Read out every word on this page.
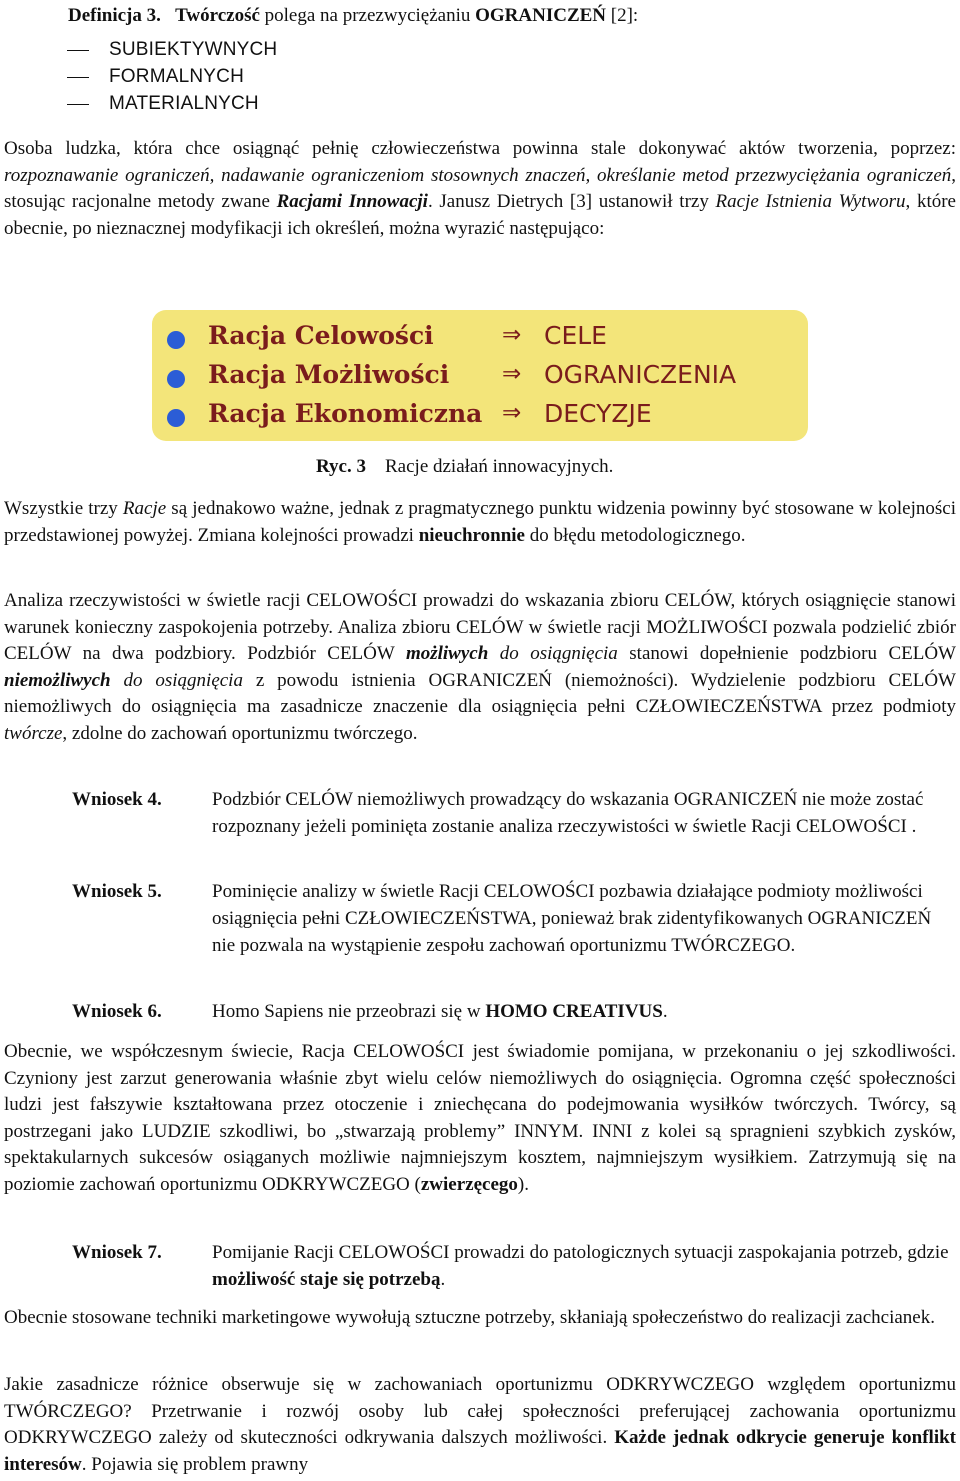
Definicja 3. Twórczość polega na przezwyciężaniu OGRANICZEŃ [2]:

SUBIEKTYWNYCH
FORMALNYCH
MATERIALNYCH

Osoba ludzka, która chce osiągnąć pełnię człowieczeństwa powinna stale dokonywać aktów tworzenia, poprzez: rozpoznawanie ograniczeń, nadawanie ograniczeniom stosownych znaczeń, określanie metod przezwyciężania ograniczeń, stosując racjonalne metody zwane Racjami Innowacji. Janusz Dietrych [3] ustanowił trzy Racje Istnienia Wytworu, które obecnie, po nieznacznej modyfikacji ich określeń, można wyrazić następująco:

Racja Celowości	⇒ CELE
Racja Możliwości ⇒ OGRANICZENIA
Racja Ekonomiczna ⇒ DECYZJE

Ryc. 3 Racje działań innowacyjnych.

Wszystkie trzy Racje są jednakowo ważne, jednak z pragmatycznego punktu widzenia powinny być stosowane w kolejności przedstawionej powyżej. Zmiana kolejności prowadzi nieuchronnie do błędu metodologicznego.

Analiza rzeczywistości w świetle racji CELOWOŚCI prowadzi do wskazania zbioru CELÓW, których osiągnięcie stanowi warunek konieczny zaspokojenia potrzeby. Analiza zbioru CELÓW w świetle racji MOŻLIWOŚCI pozwala podzielić zbiór CELÓW na dwa podzbiory. Podzbiór CELÓW możliwych do osiągnięcia stanowi dopełnienie podzbioru CELÓW niemożliwych do osiągnięcia z powodu istnienia OGRANICZEŃ (niemożności). Wydzielenie podzbioru CELÓW niemożliwych do osiągnięcia ma zasadnicze znaczenie dla osiągnięcia pełni CZŁOWIECZEŃSTWA przez podmioty twórcze, zdolne do zachowań oportunizmu twórczego.

Wniosek 4.	Podzbiór CELÓW niemożliwych prowadzący do wskazania OGRANICZEŃ nie może zostać rozpoznany jeżeli pominięta zostanie analiza rzeczywistości w świetle Racji CELOWOŚCI .
Wniosek 5.	Pominięcie analizy w świetle Racji CELOWOŚCI pozbawia działające podmioty możliwości osiągnięcia pełni CZŁOWIECZEŃSTWA, ponieważ brak zidentyfikowanych OGRANICZEŃ nie pozwala na wystąpienie zespołu zachowań oportunizmu TWÓRCZEGO.
Wniosek 6.	Homo Sapiens nie przeobrazi się w HOMO CREATIVUS.

Obecnie, we współczesnym świecie, Racja CELOWOŚCI jest świadomie pomijana, w przekonaniu o jej szkodliwości. Czyniony jest zarzut generowania właśnie zbyt wielu celów niemożliwych do osiągnięcia. Ogromna część społeczności ludzi jest fałszywie kształtowana przez otoczenie i zniechęcana do podejmowania wysiłków twórczych. Twórcy, są postrzegani jako LUDZIE szkodliwi, bo „stwarzają problemy” INNYM. INNI z kolei są spragnieni szybkich zysków, spektakularnych sukcesów osiąganych możliwie najmniejszym kosztem, najmniejszym wysiłkiem. Zatrzymują się na poziomie zachowań oportunizmu ODKRYWCZEGO (zwierzęcego).

Wniosek 7.	Pomijanie Racji CELOWOŚCI prowadzi do patologicznych sytuacji zaspokajania potrzeb, gdzie możliwość staje się potrzebą.

Obecnie stosowane techniki marketingowe wywołują sztuczne potrzeby, skłaniają społeczeństwo do realizacji zachcianek.

Jakie zasadnicze różnice obserwuje się w zachowaniach oportunizmu ODKRYWCZEGO względem oportunizmu TWÓRCZEGO? Przetrwanie i rozwój osoby lub całej społeczności preferującej zachowania oportunizmu ODKRYWCZEGO zależy od skuteczności odkrywania dalszych możliwości. Każde jednak odkrycie generuje konflikt interesów. Pojawia się problem prawny
